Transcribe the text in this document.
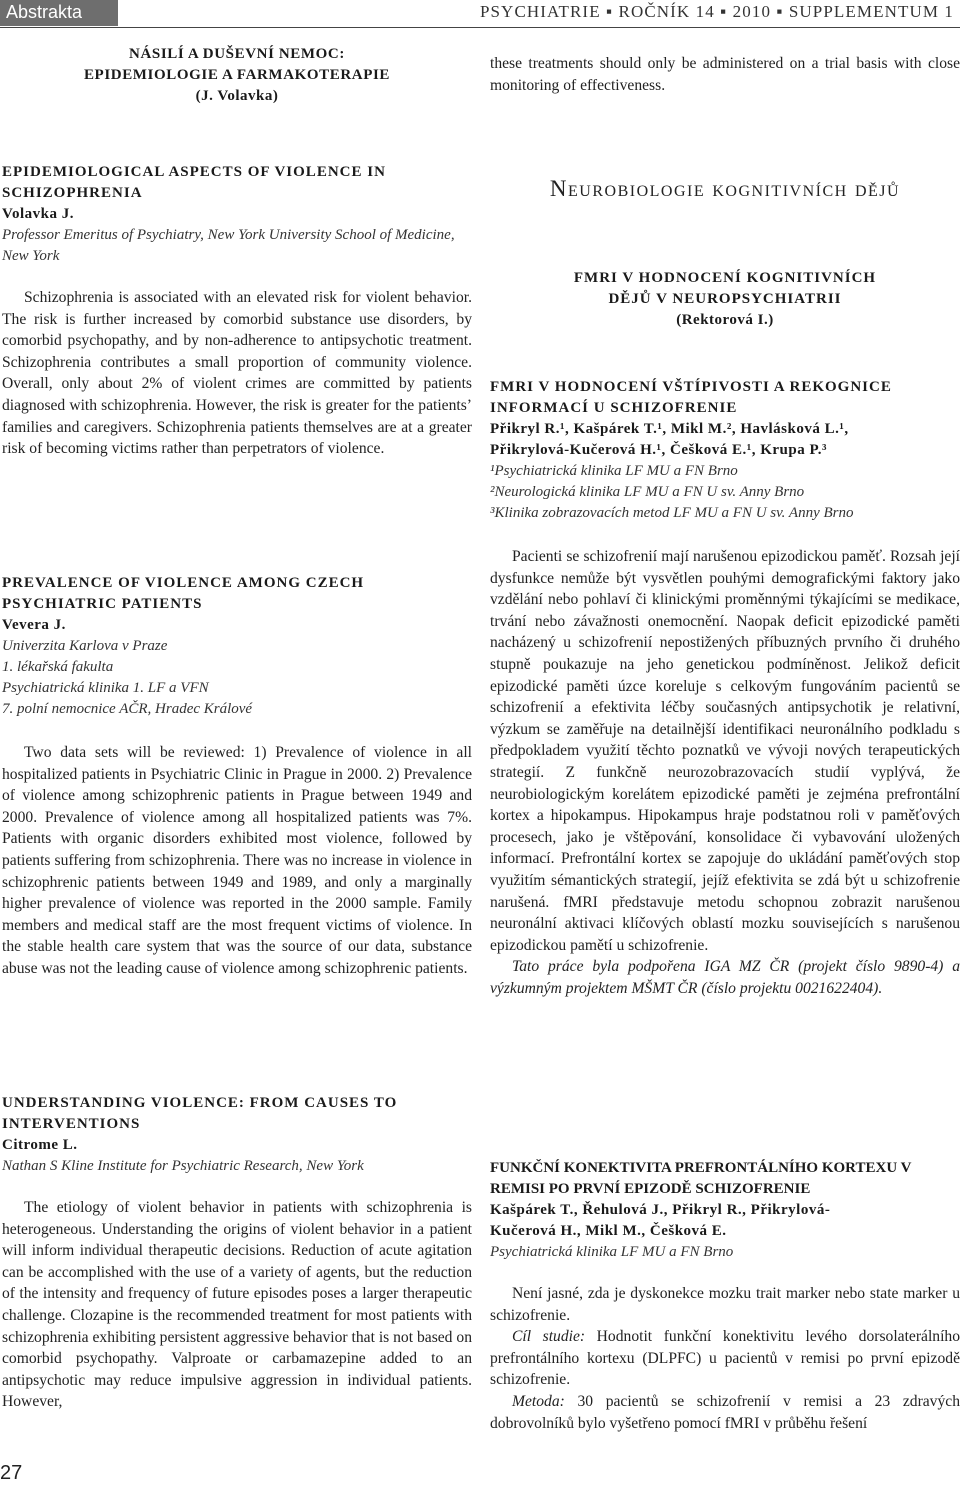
Abstrakta	PSYCHIATRIE ▪ ROČNÍK 14 ▪ 2010 ▪ SUPPLEMENTUM 1
NÁSILÍ A DUŠEVNÍ NEMOC:
EPIDEMIOLOGIE A FARMAKOTERAPIE
(J. Volavka)
EPIDEMIOLOGICAL ASPECTS OF VIOLENCE IN SCHIZOPHRENIA
Volavka J.
Professor Emeritus of Psychiatry, New York University School of Medicine, New York
Schizophrenia is associated with an elevated risk for violent behavior. The risk is further increased by comorbid substance use disorders, by comorbid psychopathy, and by non-adherence to antipsychotic treatment. Schizophrenia contributes a small proportion of community violence. Overall, only about 2% of violent crimes are committed by patients diagnosed with schizophrenia. However, the risk is greater for the patients’ families and caregivers. Schizophrenia patients themselves are at a greater risk of becoming victims rather than perpetrators of violence.
PREVALENCE OF VIOLENCE AMONG CZECH PSYCHIATRIC PATIENTS
Vevera J.
Univerzita Karlova v Praze
1. lékařská fakulta
Psychiatrická klinika 1. LF a VFN
7. polní nemocnice AČR, Hradec Králové
Two data sets will be reviewed: 1) Prevalence of violence in all hospitalized patients in Psychiatric Clinic in Prague in 2000. 2) Prevalence of violence among schizophrenic patients in Prague between 1949 and 2000. Prevalence of violence among all hospitalized patients was 7%. Patients with organic disorders exhibited most violence, followed by patients suffering from schizophrenia. There was no increase in violence in schizophrenic patients between 1949 and 1989, and only a marginally higher prevalence of violence was reported in the 2000 sample. Family members and medical staff are the most frequent victims of violence. In the stable health care system that was the source of our data, substance abuse was not the leading cause of violence among schizophrenic patients.
UNDERSTANDING VIOLENCE: FROM CAUSES TO INTERVENTIONS
Citrome L.
Nathan S Kline Institute for Psychiatric Research, New York
The etiology of violent behavior in patients with schizophrenia is heterogeneous. Understanding the origins of violent behavior in a patient will inform individual therapeutic decisions. Reduction of acute agitation can be accomplished with the use of a variety of agents, but the reduction of the intensity and frequency of future episodes poses a larger therapeutic challenge. Clozapine is the recommended treatment for most patients with schizophrenia exhibiting persistent aggressive behavior that is not based on comorbid psychopathy. Valproate or carbamazepine added to an antipsychotic may reduce impulsive aggression in individual patients. However,
these treatments should only be administered on a trial basis with close monitoring of effectiveness.
Neurobiologie kognitivních dějů
FMRI V HODNOCENÍ KOGNITIVNÍCH
DĚJŮ V NEUROPSYCHIATRII
(Rektorová I.)
FMRI V HODNOCENÍ VŠTÍPIVOSTI A REKOGNICE INFORMACÍ U SCHIZOFRENIE
Přikryl R.¹, Kašpárek T.¹, Mikl M.², Havlásková L.¹,
Přikrylová-Kučerová H.¹, Češková E.¹, Krupa P.³
¹Psychiatrická klinika LF MU a FN Brno
²Neurologická klinika LF MU a FN U sv. Anny Brno
³Klinika zobrazovacích metod LF MU a FN U sv. Anny Brno
Pacienti se schizofrenií mají narušenou epizodickou paměť. Rozsah její dysfunkce nemůže být vysvětlen pouhými demografickými faktory jako vzdělání nebo pohlaví či klinickými proměnnými týkajícími se medikace, trvání nebo závažnosti onemocnění. Naopak deficit epizodické paměti nacházený u schizofrenií nepostižených příbuzných prvního či druhého stupně poukazuje na jeho genetickou podmíněnost. Jelikož deficit epizodické paměti úzce koreluje s celkovým fungováním pacientů se schizofrenií a efektivita léčby současných antipsychotik je relativní, výzkum se zaměřuje na detailnější identifikaci neuronálního podkladu s předpokladem využití těchto poznatků ve vývoji nových terapeutických strategií. Z funkčně neurozobrazovacích studií vyplývá, že neurobiologickým korelátem epizodické paměti je zejména prefrontální kortex a hipokampus. Hipokampus hraje podstatnou roli v paměťových procesech, jako je vštěpování, konsolidace či vybavování uložených informací. Prefrontální kortex se zapojuje do ukládání paměťových stop využitím sémantických strategií, jejíž efektivita se zdá být u schizofrenie narušená. fMRI představuje metodu schopnou zobrazit narušenou neuronální aktivaci klíčových oblastí mozku souvisejících s narušenou epizodickou pamětí u schizofrenie.
Tato práce byla podpořena IGA MZ ČR (projekt číslo 9890-4) a výzkumným projektem MŠMT ČR (číslo projektu 0021622404).
FUNKČNÍ KONEKTIVITA PREFRONTÁLNÍHO KORTEXU V REMISI PO PRVNÍ EPIZODĚ SCHIZOFRENIE
Kašpárek T., Řehulová J., Přikryl R., Přikrylová-
Kučerová H., Mikl M., Češková E.
Psychiatrická klinika LF MU a FN Brno
Není jasné, zda je dyskonekce mozku trait marker nebo state marker u schizofrenie.
Cíl studie: Hodnotit funkční konektivitu levého dorsolaterálního prefrontálního kortexu (DLPFC) u pacientů v remisi po první epizodě schizofrenie.
Metoda: 30 pacientů se schizofrenií v remisi a 23 zdravých dobrovolníků bylo vyšetřeno pomocí fMRI v průběhu řešení
27
